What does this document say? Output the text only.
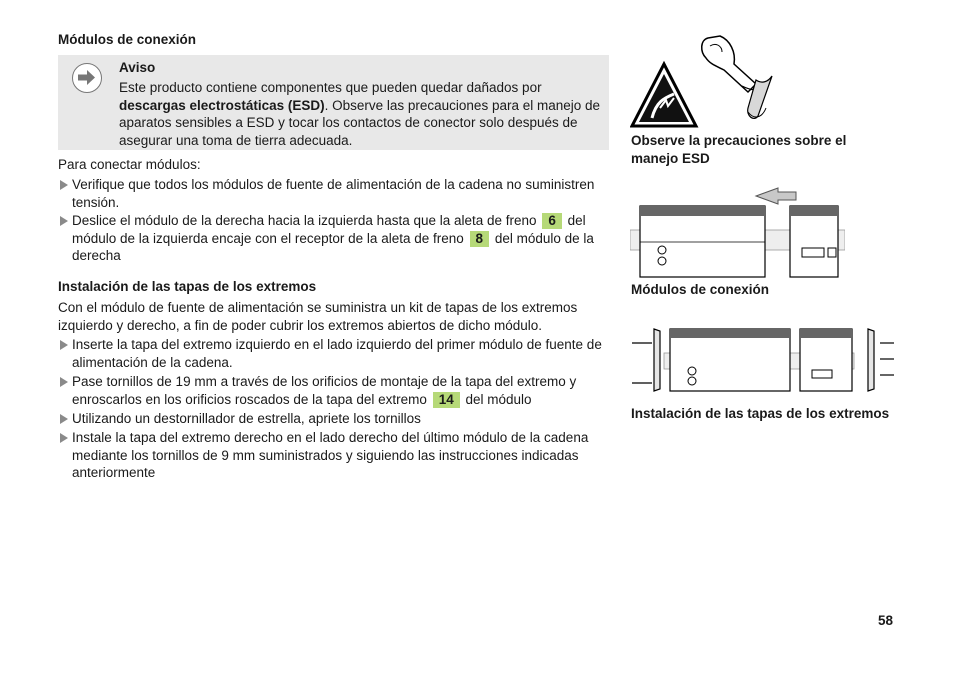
Módulos de conexión
Aviso
Este producto contiene componentes que pueden quedar dañados por descargas electrostáticas (ESD). Observe las precauciones para el manejo de aparatos sensibles a ESD y tocar los contactos de conector solo después de asegurar una toma de tierra adecuada.
Para conectar módulos:
Verifique que todos los módulos de fuente de alimentación de la cadena no suministren tensión.
Deslice el módulo de la derecha hacia la izquierda hasta que la aleta de freno 6 del módulo de la izquierda encaje con el receptor de la aleta de freno 8 del módulo de la derecha
Instalación de las tapas de los extremos
Con el módulo de fuente de alimentación se suministra un kit de tapas de los extremos izquierdo y derecho, a fin de poder cubrir los extremos abiertos de dicho módulo.
Inserte la tapa del extremo izquierdo en el lado izquierdo del primer módulo de fuente de alimentación de la cadena.
Pase tornillos de 19 mm a través de los orificios de montaje de la tapa del extremo y enroscarlos en los orificios roscados de la tapa del extremo 14 del módulo
Utilizando un destornillador de estrella, apriete los tornillos
Instale la tapa del extremo derecho en el lado derecho del último módulo de la cadena mediante los tornillos de 9 mm suministrados y siguiendo las instrucciones indicadas anteriormente
Observe la precauciones sobre el manejo ESD
Módulos de conexión
Instalación de las tapas de los extremos
58
